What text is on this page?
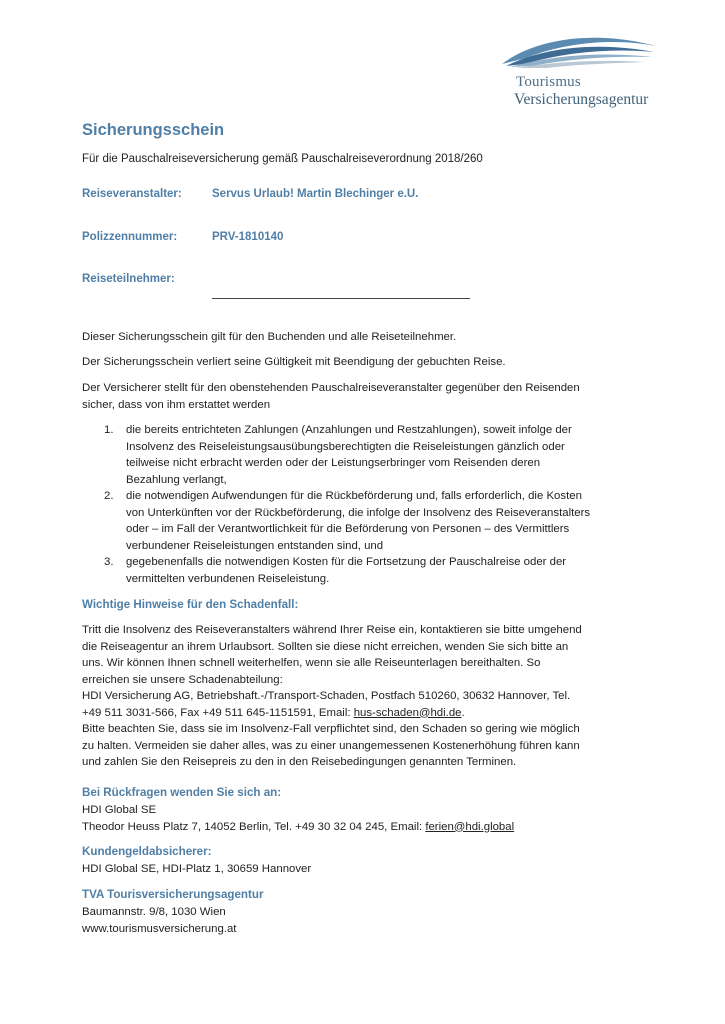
Tourismus
Versicherungsagentur
Sicherungsschein
Für die Pauschalreiseversicherung gemäß Pauschalreiseverordnung 2018/260
Reiseveranstalter:	Servus Urlaub! Martin Blechinger e.U.
Polizzennummer:	PRV-1810140
Reiseteilnehmer:
Dieser Sicherungsschein gilt für den Buchenden und alle Reiseteilnehmer.
Der Sicherungsschein verliert seine Gültigkeit mit Beendigung der gebuchten Reise.
Der Versicherer stellt für den obenstehenden Pauschalreiseveranstalter gegenüber den Reisenden
sicher, dass von ihm erstattet werden
1. die bereits entrichteten Zahlungen (Anzahlungen und Restzahlungen), soweit infolge der
Insolvenz des Reiseleistungsausübungsberechtigten die Reiseleistungen gänzlich oder
teilweise nicht erbracht werden oder der Leistungserbringer vom Reisenden deren
Bezahlung verlangt,
2. die notwendigen Aufwendungen für die Rückbeförderung und, falls erforderlich, die Kosten
von Unterkünften vor der Rückbeförderung, die infolge der Insolvenz des Reiseveranstalters
oder – im Fall der Verantwortlichkeit für die Beförderung von Personen – des Vermittlers
verbundener Reiseleistungen entstanden sind, und
3. gegebenenfalls die notwendigen Kosten für die Fortsetzung der Pauschalreise oder der
vermittelten verbundenen Reiseleistung.
Wichtige Hinweise für den Schadenfall:
Tritt die Insolvenz des Reiseveranstalters während Ihrer Reise ein, kontaktieren sie bitte umgehend
die Reiseagentur an ihrem Urlaubsort. Sollten sie diese nicht erreichen, wenden Sie sich bitte an
uns. Wir können Ihnen schnell weiterhelfen, wenn sie alle Reiseunterlagen bereithalten. So
erreichen sie unsere Schadenabteilung:
HDI Versicherung AG, Betriebshaft.-/Transport-Schaden, Postfach 510260, 30632 Hannover, Tel.
+49 511 3031-566, Fax +49 511 645-1151591, Email: hus-schaden@hdi.de.
Bitte beachten Sie, dass sie im Insolvenz-Fall verpflichtet sind, den Schaden so gering wie möglich
zu halten. Vermeiden sie daher alles, was zu einer unangemessenen Kostenerhöhung führen kann
und zahlen Sie den Reisepreis zu den in den Reisebedingungen genannten Terminen.
Bei Rückfragen wenden Sie sich an:
HDI Global SE
Theodor Heuss Platz 7, 14052 Berlin, Tel. +49 30 32 04 245, Email: ferien@hdi.global
Kundengeldabsicherer:
HDI Global SE, HDI-Platz 1, 30659 Hannover
TVA Tourisversicherungsagentur
Baumannstr. 9/8, 1030 Wien
www.tourismusversicherung.at
